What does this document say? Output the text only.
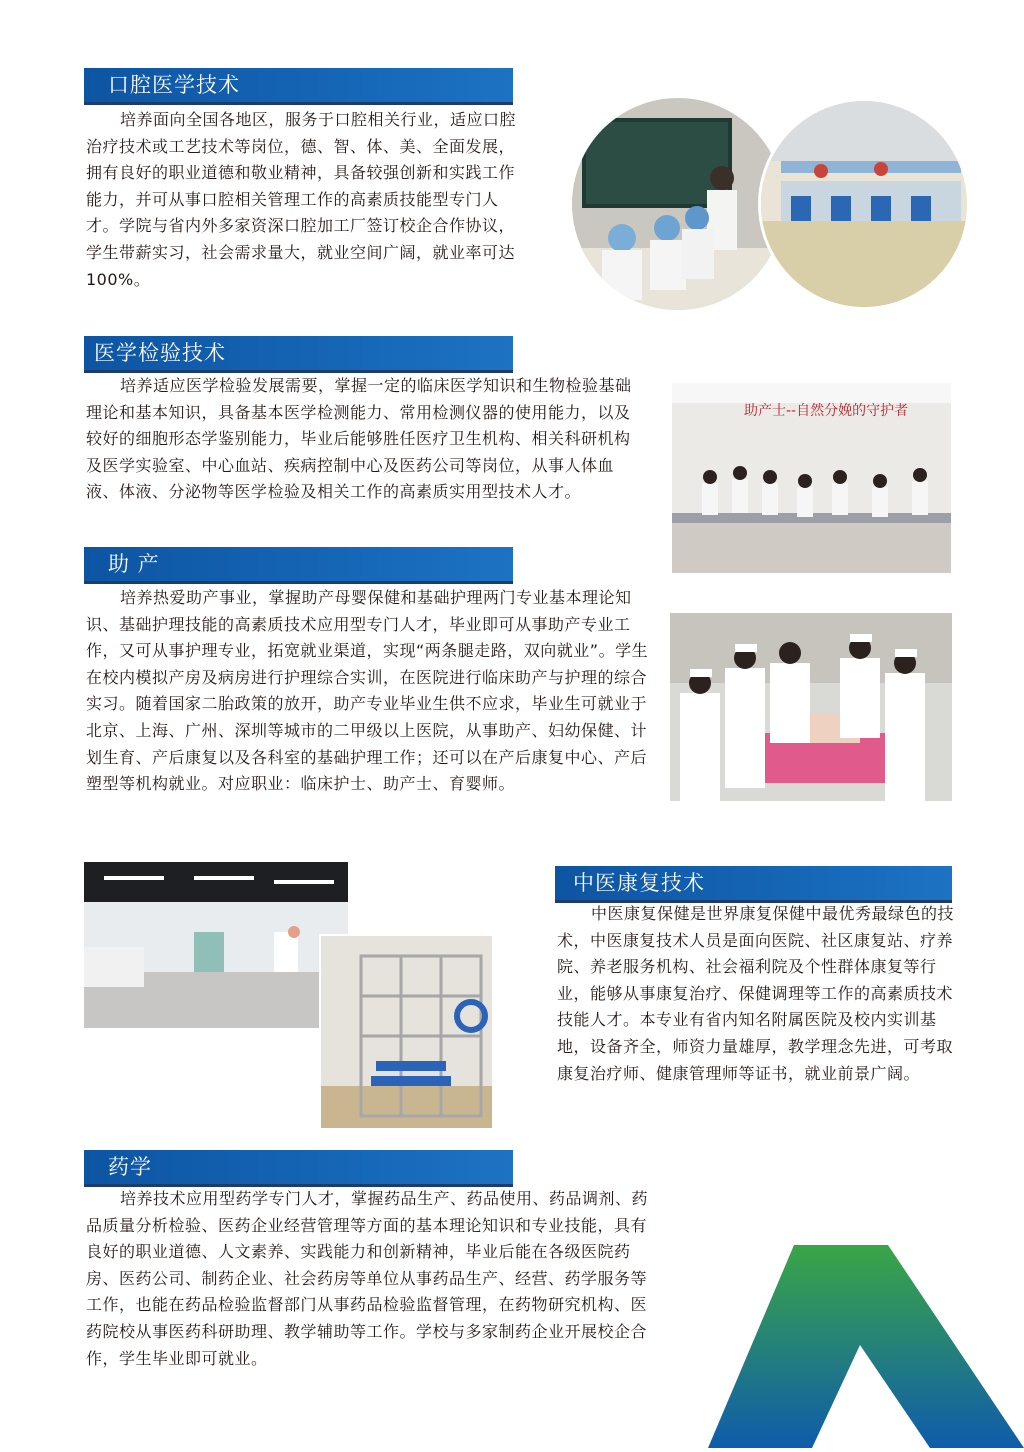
口腔医学技术

培养面向全国各地区，服务于口腔相关行业，适应口腔治疗技术或工艺技术等岗位，德、智、体、美、全面发展，拥有良好的职业道德和敬业精神，具备较强创新和实践工作能力，并可从事口腔相关管理工作的高素质技能型专门人才。学院与省内外多家资深口腔加工厂签订校企合作协议，学生带薪实习，社会需求量大，就业空间广阔，就业率可达100%。

医学检验技术

培养适应医学检验发展需要，掌握一定的临床医学知识和生物检验基础理论和基本知识，具备基本医学检测能力、常用检测仪器的使用能力，以及较好的细胞形态学鉴别能力，毕业后能够胜任医疗卫生机构、相关科研机构及医学实验室、中心血站、疾病控制中心及医药公司等岗位，从事人体血液、体液、分泌物等医学检验及相关工作的高素质实用型技术人才。

助产士--自然分娩的守护者
助 产

培养热爱助产事业，掌握助产母婴保健和基础护理两门专业基本理论知识、基础护理技能的高素质技术应用型专门人才，毕业即可从事助产专业工作，又可从事护理专业，拓宽就业渠道，实现“两条腿走路，双向就业”。学生在校内模拟产房及病房进行护理综合实训，在医院进行临床助产与护理的综合实习。随着国家二胎政策的放开，助产专业毕业生供不应求，毕业生可就业于北京、上海、广州、深圳等城市的二甲级以上医院，从事助产、妇幼保健、计划生育、产后康复以及各科室的基础护理工作；还可以在产后康复中心、产后塑型等机构就业。对应职业：临床护士、助产士、育婴师。

中医康复技术

中医康复保健是世界康复保健中最优秀最绿色的技术，中医康复技术人员是面向医院、社区康复站、疗养院、养老服务机构、社会福利院及个性群体康复等行业，能够从事康复治疗、保健调理等工作的高素质技术技能人才。本专业有省内知名附属医院及校内实训基地，设备齐全，师资力量雄厚，教学理念先进，可考取康复治疗师、健康管理师等证书，就业前景广阔。

药学

培养技术应用型药学专门人才，掌握药品生产、药品使用、药品调剂、药品质量分析检验、医药企业经营管理等方面的基本理论知识和专业技能，具有良好的职业道德、人文素养、实践能力和创新精神，毕业后能在各级医院药房、医药公司、制药企业、社会药房等单位从事药品生产、经营、药学服务等工作，也能在药品检验监督部门从事药品检验监督管理，在药物研究机构、医药院校从事医药科研助理、教学辅助等工作。学校与多家制药企业开展校企合作，学生毕业即可就业。
